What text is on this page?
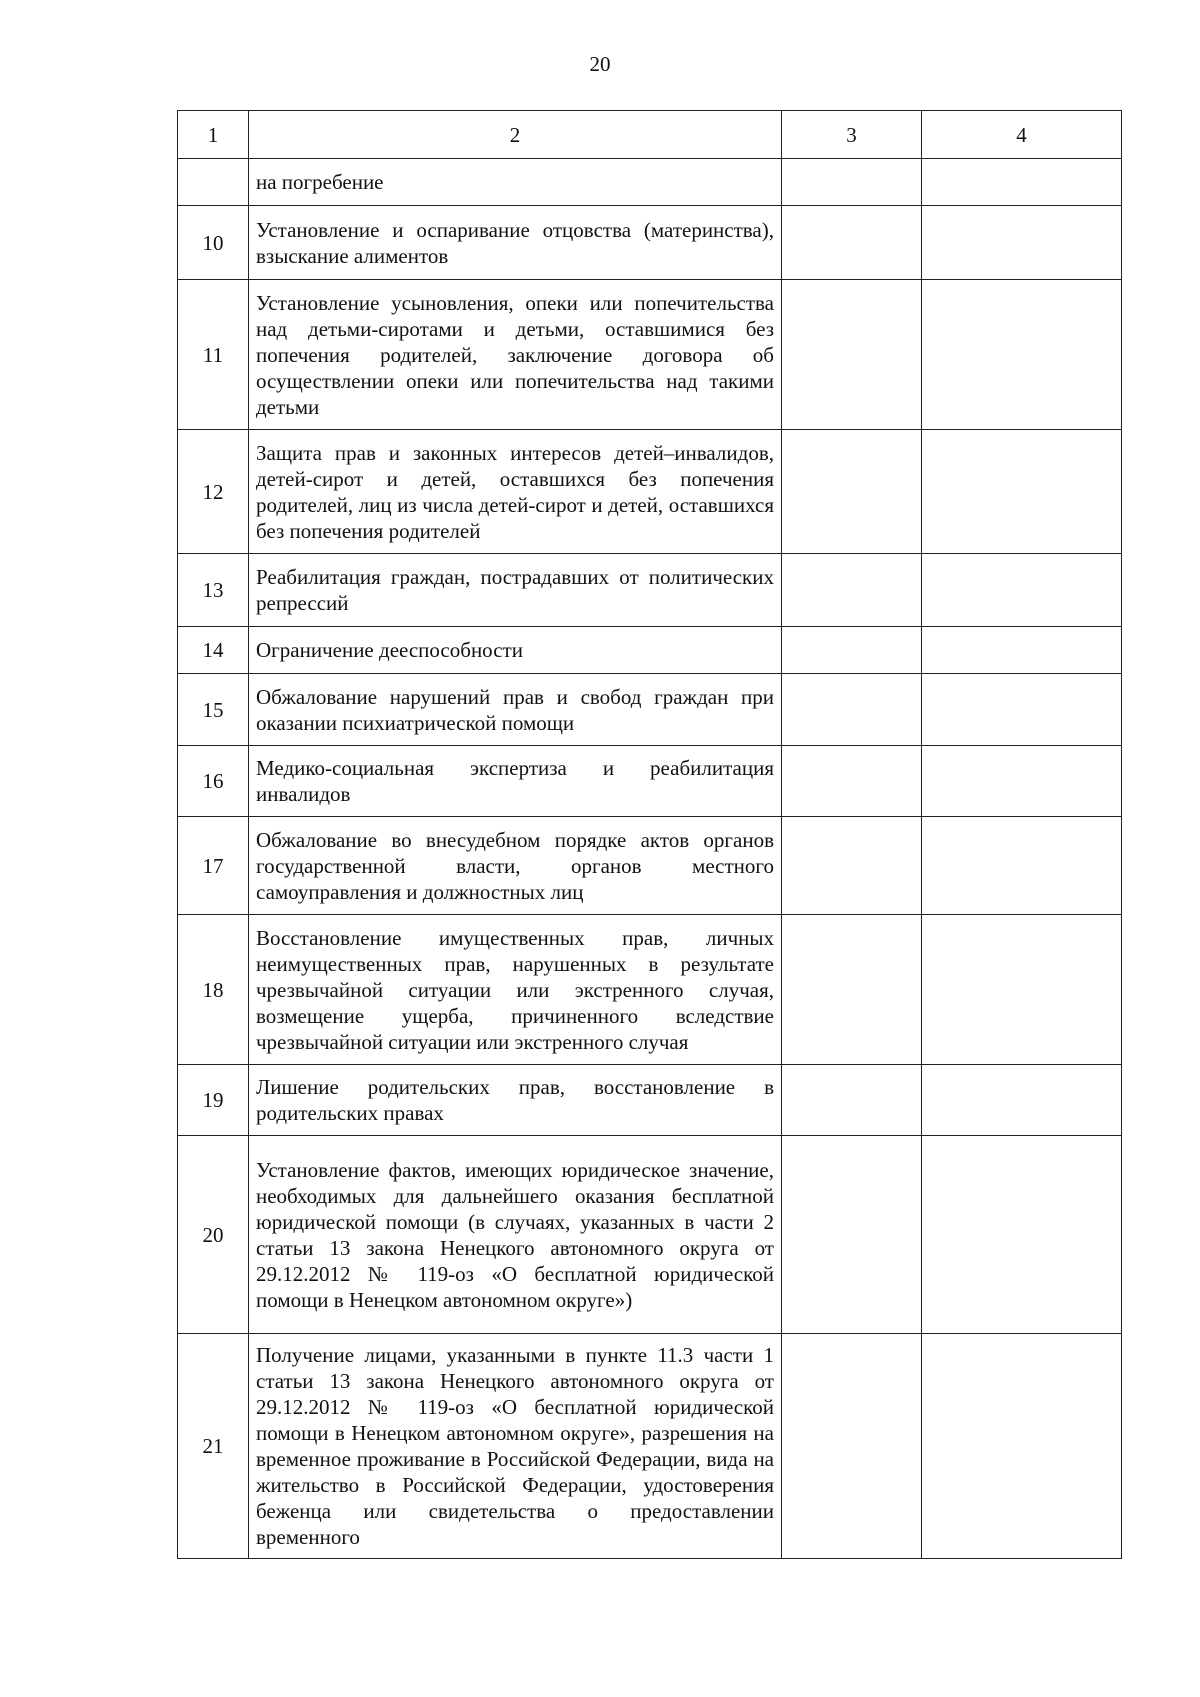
20
1	2	3	4
	на погребение		
10	Установление и оспаривание отцовства (материнства), взыскание алиментов		
11	Установление усыновления, опеки или попечительства над детьми-сиротами и детьми, оставшимися без попечения родителей, заключение договора об осуществлении опеки или попечительства над такими детьми		
12	Защита прав и законных интересов детей–инвалидов, детей-сирот и детей, оставшихся без попечения родителей, лиц из числа детей-сирот и детей, оставшихся без попечения родителей		
13	Реабилитация граждан, пострадавших от политических репрессий		
14	Ограничение дееспособности		
15	Обжалование нарушений прав и свобод граждан при оказании психиатрической помощи		
16	Медико-социальная экспертиза и реабилитация инвалидов		
17	Обжалование во внесудебном порядке актов органов государственной власти, органов местного самоуправления и должностных лиц		
18	Восстановление имущественных прав, личных неимущественных прав, нарушенных в результате чрезвычайной ситуации или экстренного случая, возмещение ущерба, причиненного вследствие чрезвычайной ситуации или экстренного случая		
19	Лишение родительских прав, восстановление в родительских правах		
20	Установление фактов, имеющих юридическое значение, необходимых для дальнейшего оказания бесплатной юридической помощи (в случаях, указанных в части 2 статьи 13 закона Ненецкого автономного округа от 29.12.2012 № 119-оз «О бесплатной юридической помощи в Ненецком автономном округе»)		
21	Получение лицами, указанными в пункте 11.3 части 1 статьи 13 закона Ненецкого автономного округа от 29.12.2012 № 119-оз «О бесплатной юридической помощи в Ненецком автономном округе», разрешения на временное проживание в Российской Федерации, вида на жительство в Российской Федерации, удостоверения беженца или свидетельства о предоставлении временного		
